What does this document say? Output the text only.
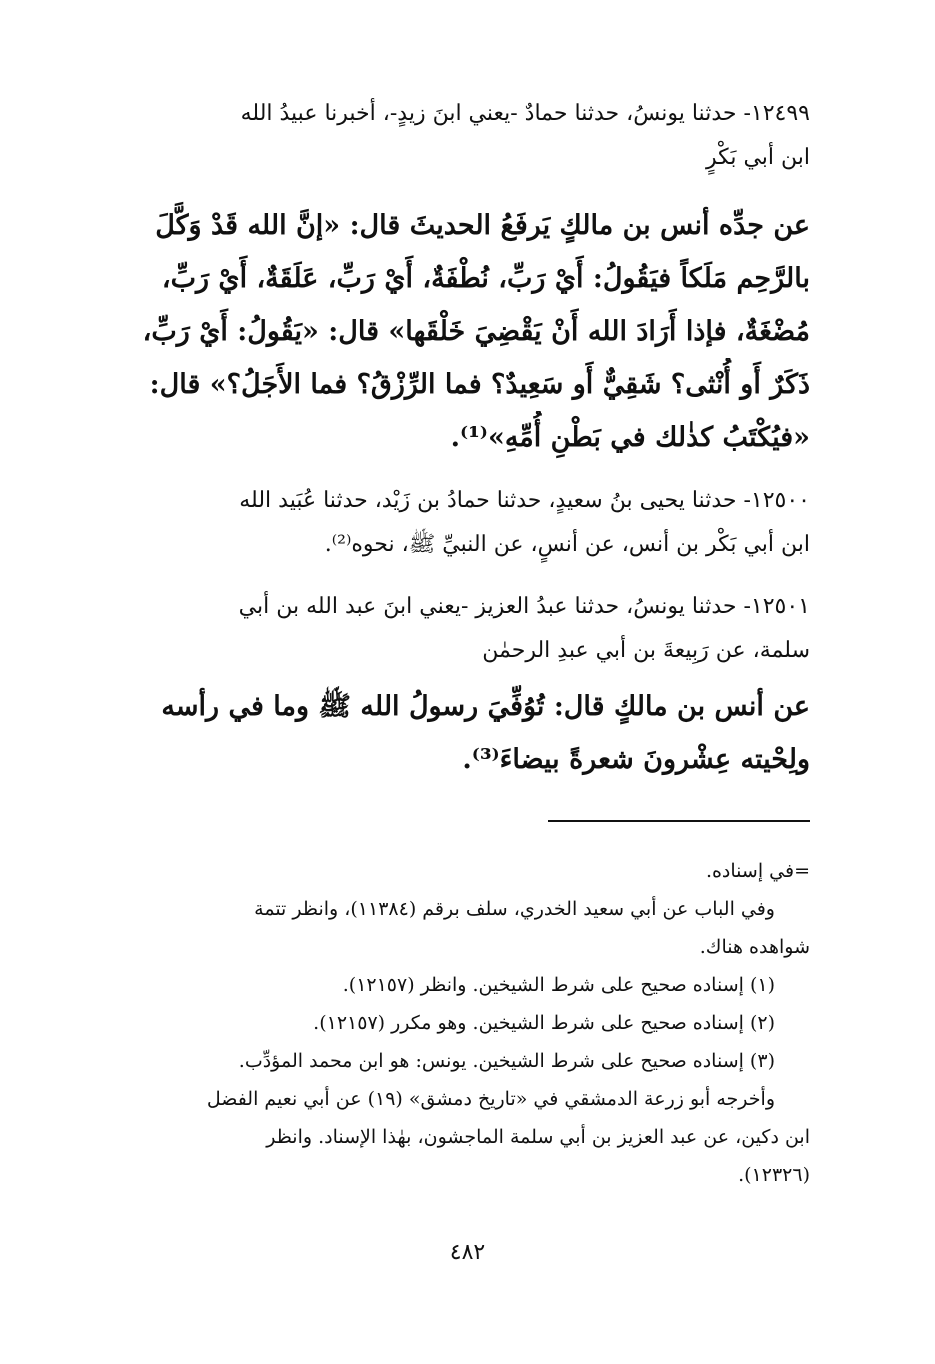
١٢٤٩٩- حدثنا يونسُ، حدثنا حمادٌ -يعني ابنَ زيدٍ-، أخبرنا عبيدُ الله
ابن أبي بَكْرٍ
عن جدِّه أنس بن مالكٍ يَرفَعُ الحديثَ قال: «إنَّ الله قَدْ وَكَّلَ
بالرَّحِم مَلَكاً فيَقُولُ: أَيْ رَبِّ، نُطْفَةٌ، أَيْ رَبِّ، عَلَقَةٌ، أَيْ رَبِّ،
مُضْغَةٌ، فإذا أَرَادَ الله أَنْ يَقْضِيَ خَلْقَها» قال: «يَقُولُ: أَيْ رَبِّ،
ذَكَرٌ أَو أُنْثى؟ شَقِيٌّ أَو سَعِيدٌ؟ فما الرِّزْقُ؟ فما الأَجَلُ؟» قال:
«فيُكْتَبُ كذٰلك في بَطْنِ أُمِّهِ»⁽¹⁾.
١٢٥٠٠- حدثنا يحيى بنُ سعيدٍ، حدثنا حمادُ بن زَيْد، حدثنا عُبَيد الله
ابن أبي بَكْر بن أنس، عن أنسٍ، عن النبيِّ ﷺ، نحوه⁽²⁾.
١٢٥٠١- حدثنا يونسُ، حدثنا عبدُ العزيز -يعني ابنَ عبد الله بن أبي
سلمة، عن رَبِيعةَ بن أبي عبدِ الرحمٰن
عن أنس بن مالكٍ قال: تُوُفِّيَ رسولُ الله ﷺ وما في رأسه
ولِحْيته عِشْرونَ شعرةً بيضاءَ⁽³⁾.
=في إسناده.
وفي الباب عن أبي سعيد الخدري، سلف برقم (١١٣٨٤)، وانظر تتمة
شواهده هناك.
(١) إسناده صحيح على شرط الشيخين. وانظر (١٢١٥٧).
(٢) إسناده صحيح على شرط الشيخين. وهو مكرر (١٢١٥٧).
(٣) إسناده صحيح على شرط الشيخين. يونس: هو ابن محمد المؤدِّب.
وأخرجه أبو زرعة الدمشقي في «تاريخ دمشق» (١٩) عن أبي نعيم الفضل
ابن دكين، عن عبد العزيز بن أبي سلمة الماجشون، بهٰذا الإسناد. وانظر
(١٢٣٢٦).
٤٨٢
